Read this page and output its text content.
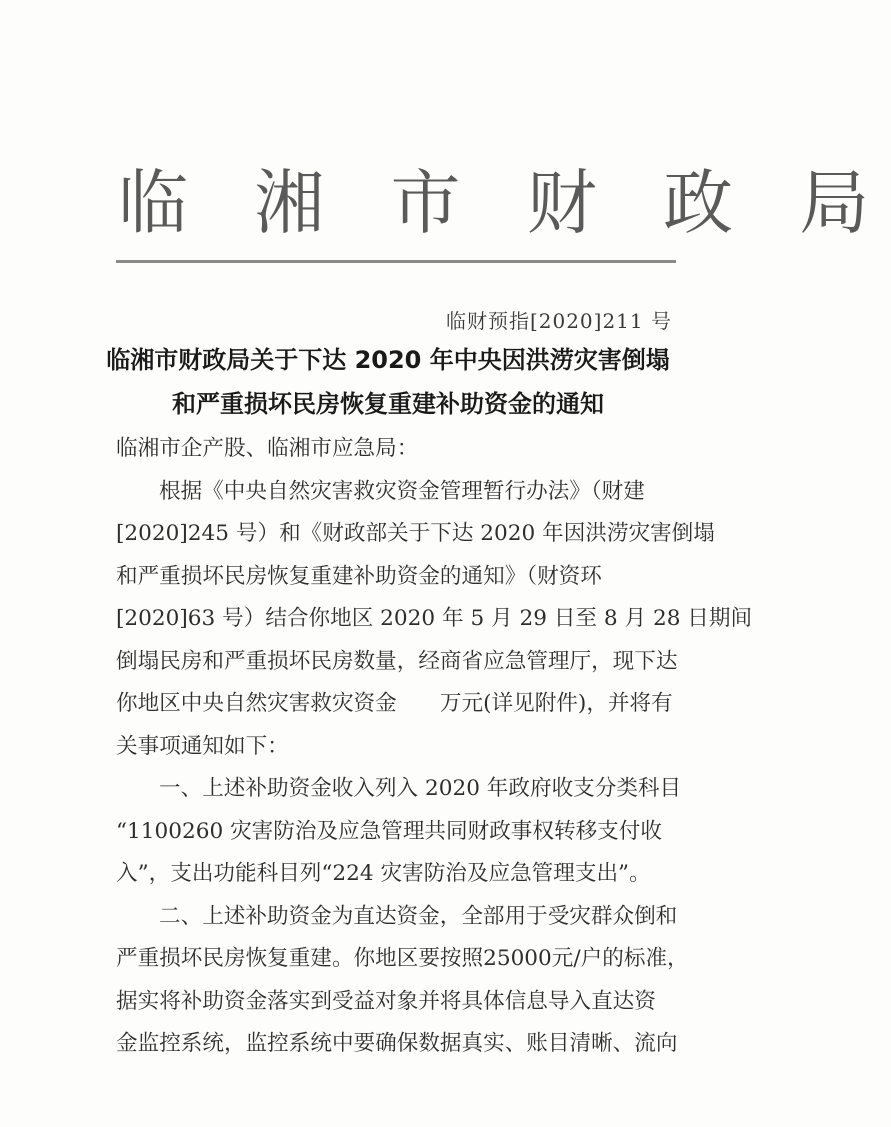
临 湘 市 财 政 局
临财预指[2020]211 号
临湘市财政局关于下达 2020 年中央因洪涝灾害倒塌
和严重损坏民房恢复重建补助资金的通知
临湘市企产股、临湘市应急局：
根据《中央自然灾害救灾资金管理暂行办法》（财建
[2020]245 号）和《财政部关于下达 2020 年因洪涝灾害倒塌
和严重损坏民房恢复重建补助资金的通知》（财资环
[2020]63 号）结合你地区 2020 年 5 月 29 日至 8 月 28 日期间
倒塌民房和严重损坏民房数量，经商省应急管理厅，现下达
你地区中央自然灾害救灾资金　　万元(详见附件)，并将有
关事项通知如下：
一、上述补助资金收入列入 2020 年政府收支分类科目
“1100260 灾害防治及应急管理共同财政事权转移支付收
入”，支出功能科目列“224 灾害防治及应急管理支出”。
二、上述补助资金为直达资金，全部用于受灾群众倒和
严重损坏民房恢复重建。你地区要按照25000元/户的标准，
据实将补助资金落实到受益对象并将具体信息导入直达资
金监控系统，监控系统中要确保数据真实、账目清晰、流向
